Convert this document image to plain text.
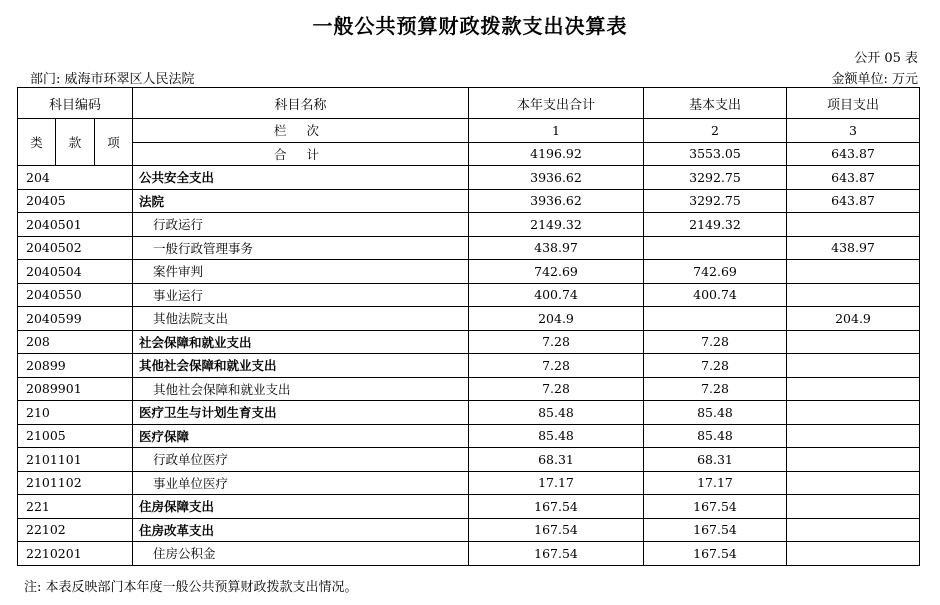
一般公共预算财政拨款支出决算表
公开 05 表
部门: 威海市环翠区人民法院	金额单位: 万元
科目编码			科目名称	本年支出合计	基本支出	项目支出
类	款	项	栏 次	1	2	3
			合 计	4196.92	3553.05	643.87
204			公共安全支出	3936.62	3292.75	643.87
20405			法院	3936.62	3292.75	643.87
2040501			行政运行	2149.32	2149.32	
2040502			一般行政管理事务	438.97		438.97
2040504			案件审判	742.69	742.69	
2040550			事业运行	400.74	400.74	
2040599			其他法院支出	204.9		204.9
208			社会保障和就业支出	7.28	7.28	
20899			其他社会保障和就业支出	7.28	7.28	
2089901			其他社会保障和就业支出	7.28	7.28	
210			医疗卫生与计划生育支出	85.48	85.48	
21005			医疗保障	85.48	85.48	
2101101			行政单位医疗	68.31	68.31	
2101102			事业单位医疗	17.17	17.17	
221			住房保障支出	167.54	167.54	
22102			住房改革支出	167.54	167.54	
2210201			住房公积金	167.54	167.54	
注: 本表反映部门本年度一般公共预算财政拨款支出情况。
